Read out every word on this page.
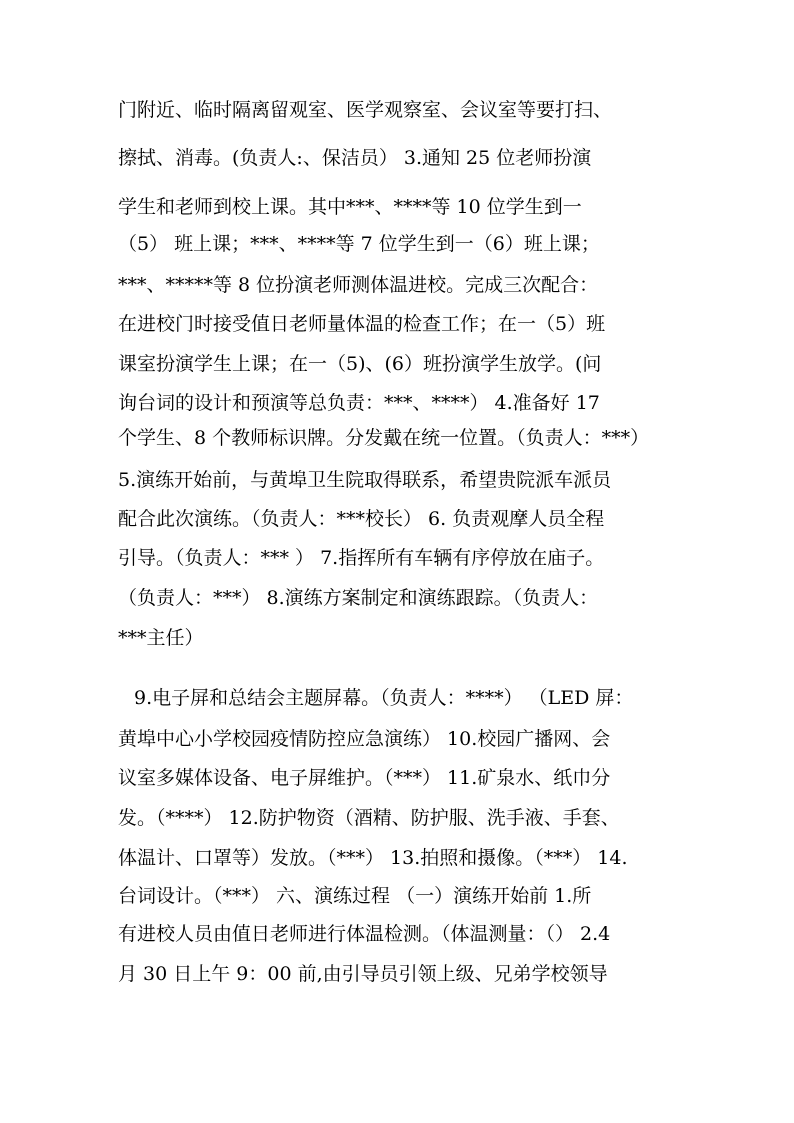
门附近、临时隔离留观室、医学观察室、会议室等要打扫、
擦拭、消毒。(负责人:、保洁员） 3.通知 25 位老师扮演
学生和老师到校上课。其中***、****等 10 位学生到一
（5） 班上课；***、****等 7 位学生到一（6）班上课；
***、*****等 8 位扮演老师测体温进校。完成三次配合：
在进校门时接受值日老师量体温的检查工作；在一（5）班
课室扮演学生上课；在一（5)、(6）班扮演学生放学。(问
询台词的设计和预演等总负责：***、****） 4.准备好 17
个学生、8 个教师标识牌。分发戴在统一位置。（负责人：***）
5.演练开始前，与黄埠卫生院取得联系，希望贵院派车派员
配合此次演练。（负责人：***校长） 6. 负责观摩人员全程
引导。（负责人：*** ） 7.指挥所有车辆有序停放在庙子。
（负责人：***） 8.演练方案制定和演练跟踪。（负责人：
***主任）
9.电子屏和总结会主题屏幕。（负责人：****） （LED 屏：
黄埠中心小学校园疫情防控应急演练） 10.校园广播网、会
议室多媒体设备、电子屏维护。（***） 11.矿泉水、纸巾分
发。（****） 12.防护物资（酒精、防护服、洗手液、手套、
体温计、口罩等）发放。（***） 13.拍照和摄像。（***） 14.
台词设计。（***） 六、演练过程 （一）演练开始前 1.所
有进校人员由值日老师进行体温检测。（体温测量：（） 2.4
月 30 日上午 9：00 前,由引导员引领上级、兄弟学校领导
